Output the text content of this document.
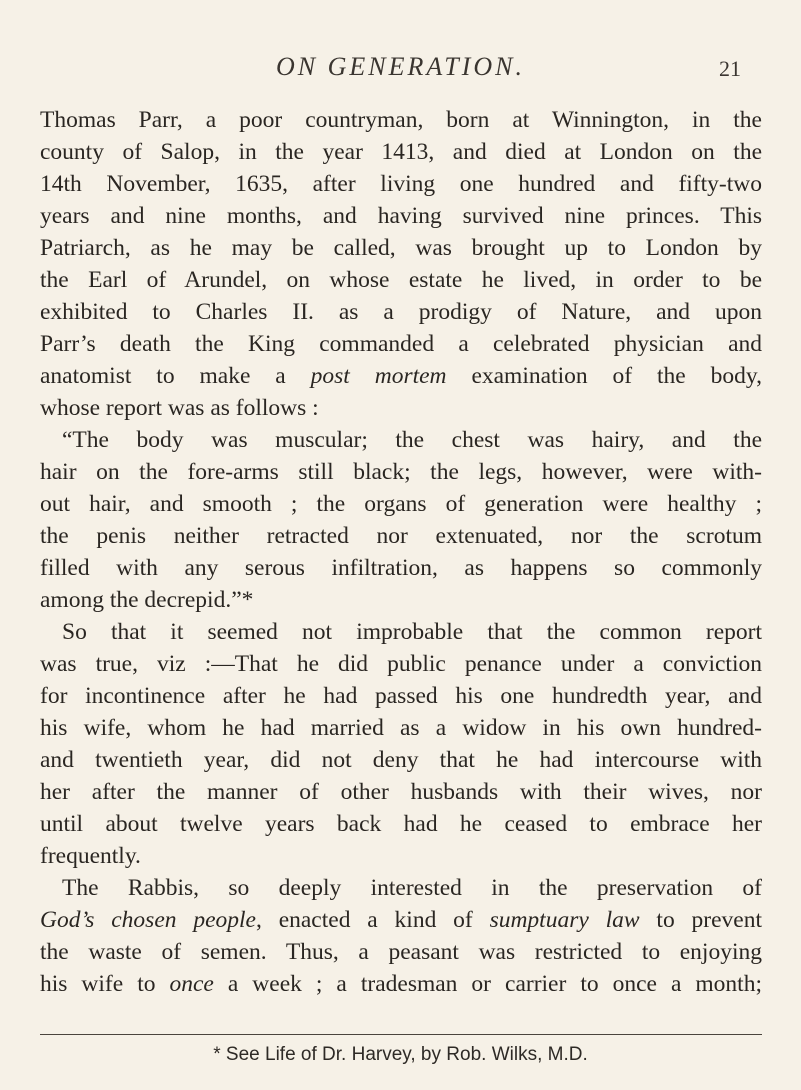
ON GENERATION.	21
Thomas Parr, a poor countryman, born at Winnington, in the
county of Salop, in the year 1413, and died at London on the
14th November, 1635, after living one hundred and fifty-two
years and nine months, and having survived nine princes. This
Patriarch, as he may be called, was brought up to London by
the Earl of Arundel, on whose estate he lived, in order to be
exhibited to Charles II. as a prodigy of Nature, and upon
Parr’s death the King commanded a celebrated physician and
anatomist to make a post mortem examination of the body,
whose report was as follows :
“The body was muscular; the chest was hairy, and the
hair on the fore-arms still black; the legs, however, were with-
out hair, and smooth ; the organs of generation were healthy ;
the penis neither retracted nor extenuated, nor the scrotum
filled with any serous infiltration, as happens so commonly
among the decrepid.”*
So that it seemed not improbable that the common report
was true, viz :—That he did public penance under a conviction
for incontinence after he had passed his one hundredth year, and
his wife, whom he had married as a widow in his own hundred-
and twentieth year, did not deny that he had intercourse with
her after the manner of other husbands with their wives, nor
until about twelve years back had he ceased to embrace her
frequently.
The Rabbis, so deeply interested in the preservation of
God’s chosen people, enacted a kind of sumptuary law to prevent
the waste of semen. Thus, a peasant was restricted to enjoying
his wife to once a week ; a tradesman or carrier to once a month;
* See Life of Dr. Harvey, by Rob. Wilks, M.D.
